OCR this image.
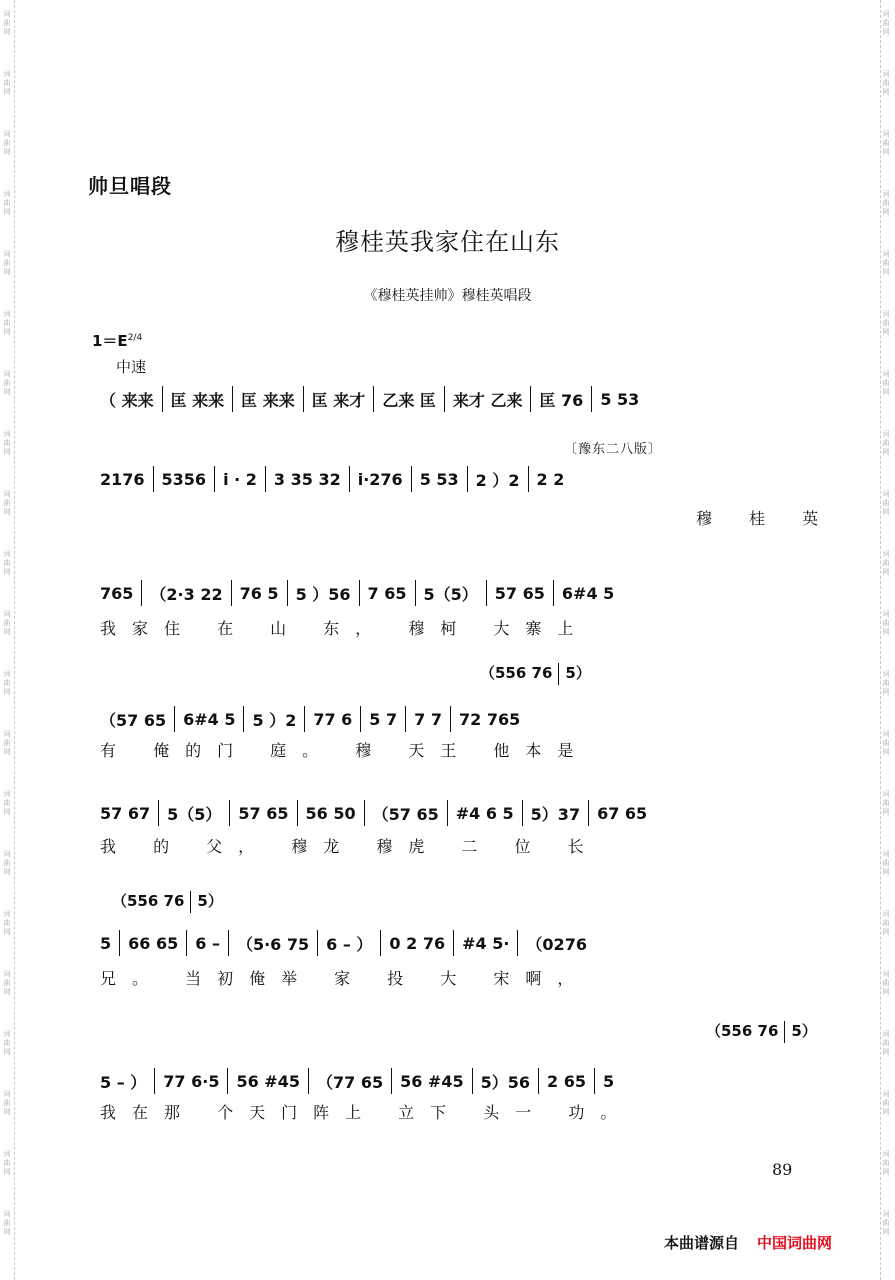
词
曲
网
词
曲
网
词
曲
网
词
曲
网
词
曲
网
词
曲
网
词
曲
网
词
曲
网
词
曲
网
词
曲
网
词
曲
网
词
曲
网
词
曲
网
词
曲
网
词
曲
网
词
曲
网
词
曲
网
词
曲
网
词
曲
网
词
曲
网
词
曲
网
词
曲
网
词
曲
网
词
曲
网
词
曲
网
词
曲
网
词
曲
网
词
曲
网
词
曲
网
词
曲
网
词
曲
网
词
曲
网
词
曲
网
词
曲
网
词
曲
网
词
曲
网
词
曲
网
词
曲
网
词
曲
网
词
曲
网
词
曲
网
词
曲
网
帅旦唱段
穆桂英我家住在山东
《穆桂英挂帅》穆桂英唱段
$1=E^{2/4}$
中速
〔豫东二八版〕
（ 来来 匡 来来 匡 来来 匡 来才 乙来 匡 来才 乙来 匡 76 5 53
2176 5356 i · 2 3 35 32 i·276 5 53 2 ）2 2 2
穆 桂 英
765 （2·3 22 76 5 5 ）56 7 65 5（5） 57 65 6#4 5
我家住 在 山 东， 穆柯 大寨上
（57 65 6#4 5 5 ）2 77 6 5 7 7 7 72 765
有 俺的门 庭。 穆 天王 他本是
57 67 5（5） 57 65 56 50 （57 65 #4 6 5 5）37 67 65
我 的 父， 穆龙 穆虎 二 位 长
5 66 65 6 – （5·6 75 6 – ） 0 2 76 #4 5· （0276
兄。 当初俺举 家 投 大 宋啊，
5 – ） 77 6·5 56 #45 （77 65 56 #45 5）56 2 65 5
我在那 个天门阵上 立下 头一 功。
（556 76 5）
（556 76 5）
（556 76 5）
89
本曲谱源自 中国词曲网
